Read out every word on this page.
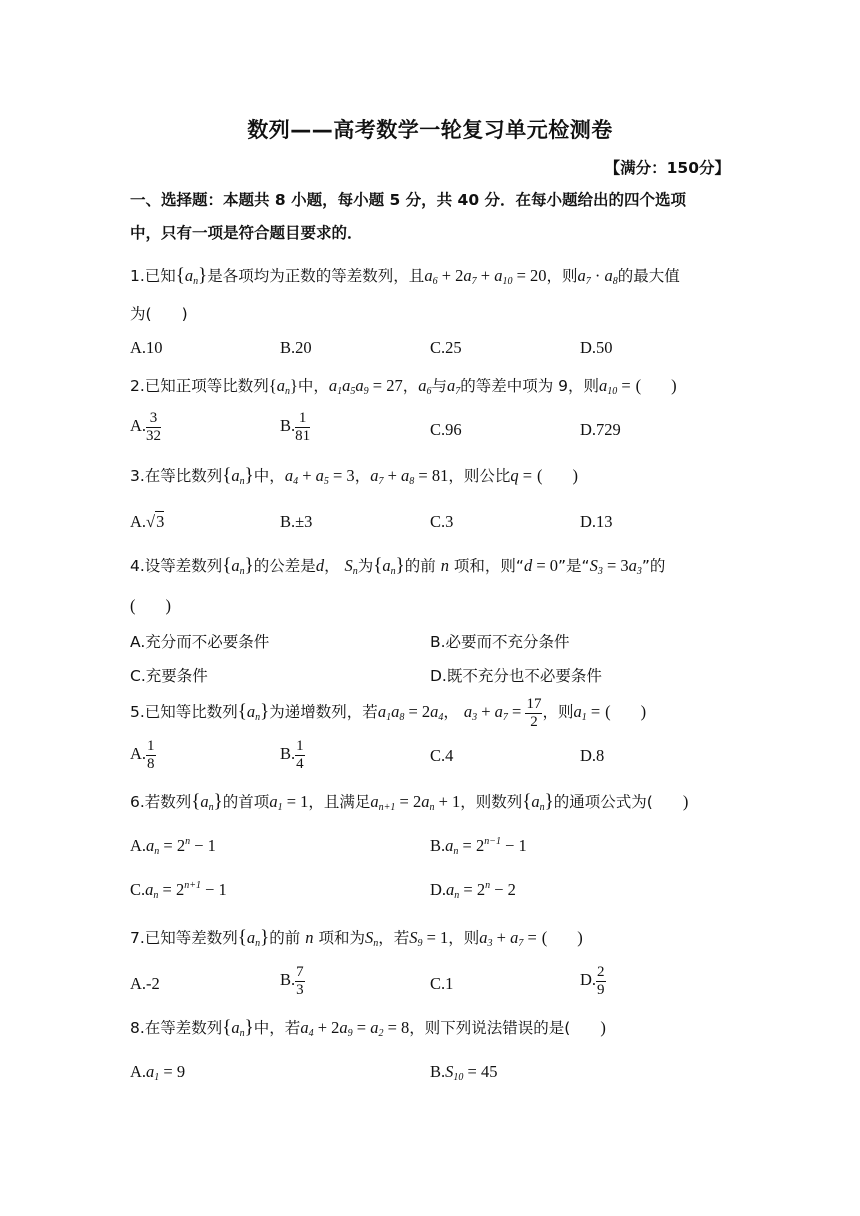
数列——高考数学一轮复习单元检测卷
【满分：150分】
一、选择题：本题共 8 小题，每小题 5 分，共 40 分．在每小题给出的四个选项
中，只有一项是符合题目要求的．
1.已知$\{a_n\}$是各项均为正数的等差数列，且$a_6 + 2a_7 + a_{10} = 20$，则$a_7 \cdot a_8$的最大值
为( )
A.10	B.20	C.25	D.50
2.已知正项等比数列$\{a_n\}$中，$a_1a_5a_9 = 27$，$a_6$与$a_7$的等差中项为 9，则$a_{10}$ = ( )
A. $\frac{3}{32}$	B. $\frac{1}{81}$	C.96	D.729
3.在等比数列$\{a_n\}$中，$a_4 + a_5 = 3$，$a_7 + a_8 = 81$，则公比q = ( )
A.√3	B.±3	C.3	D.13
4.设等差数列$\{a_n\}$的公差是d， $S_n$为$\{a_n\}$的前 n 项和，则“d = 0”是“$S_3 = 3a_3$”的
( )
A.充分而不必要条件	B.必要而不充分条件
C.充要条件	D.既不充分也不必要条件
5.已知等比数列$\{a_n\}$为递增数列，若$a_1a_8 = 2a_4$， $a_3 + a_7 = \frac{17}{2}$ ，则$a_1$ = ( )
A. $\frac{1}{8}$	B. $\frac{1}{4}$	C.4	D.8
6.若数列$\{a_n\}$的首项$a_1 = 1$，且满足$a_{n+1} = 2a_n + 1$，则数列$\{a_n\}$的通项公式为( )
$A.a_n = 2^n - 1$	$B.a_n = 2^{n-1} - 1$
$C.a_n = 2^{n+1} - 1$	$D.a_n = 2^n - 2$
7.已知等差数列$\{a_n\}$的前 n 项和为$S_n$，若$S_9 = 1$，则$a_3 + a_7$ = ( )
A.-2	B. $\frac{7}{3}$	C.1	D. $\frac{2}{9}$
8.在等差数列$\{a_n\}$中，若$a_4 + 2a_9 = a_2 = 8$，则下列说法错误的是( )
$A.a_1 = 9$	$B.S_{10} = 45$
